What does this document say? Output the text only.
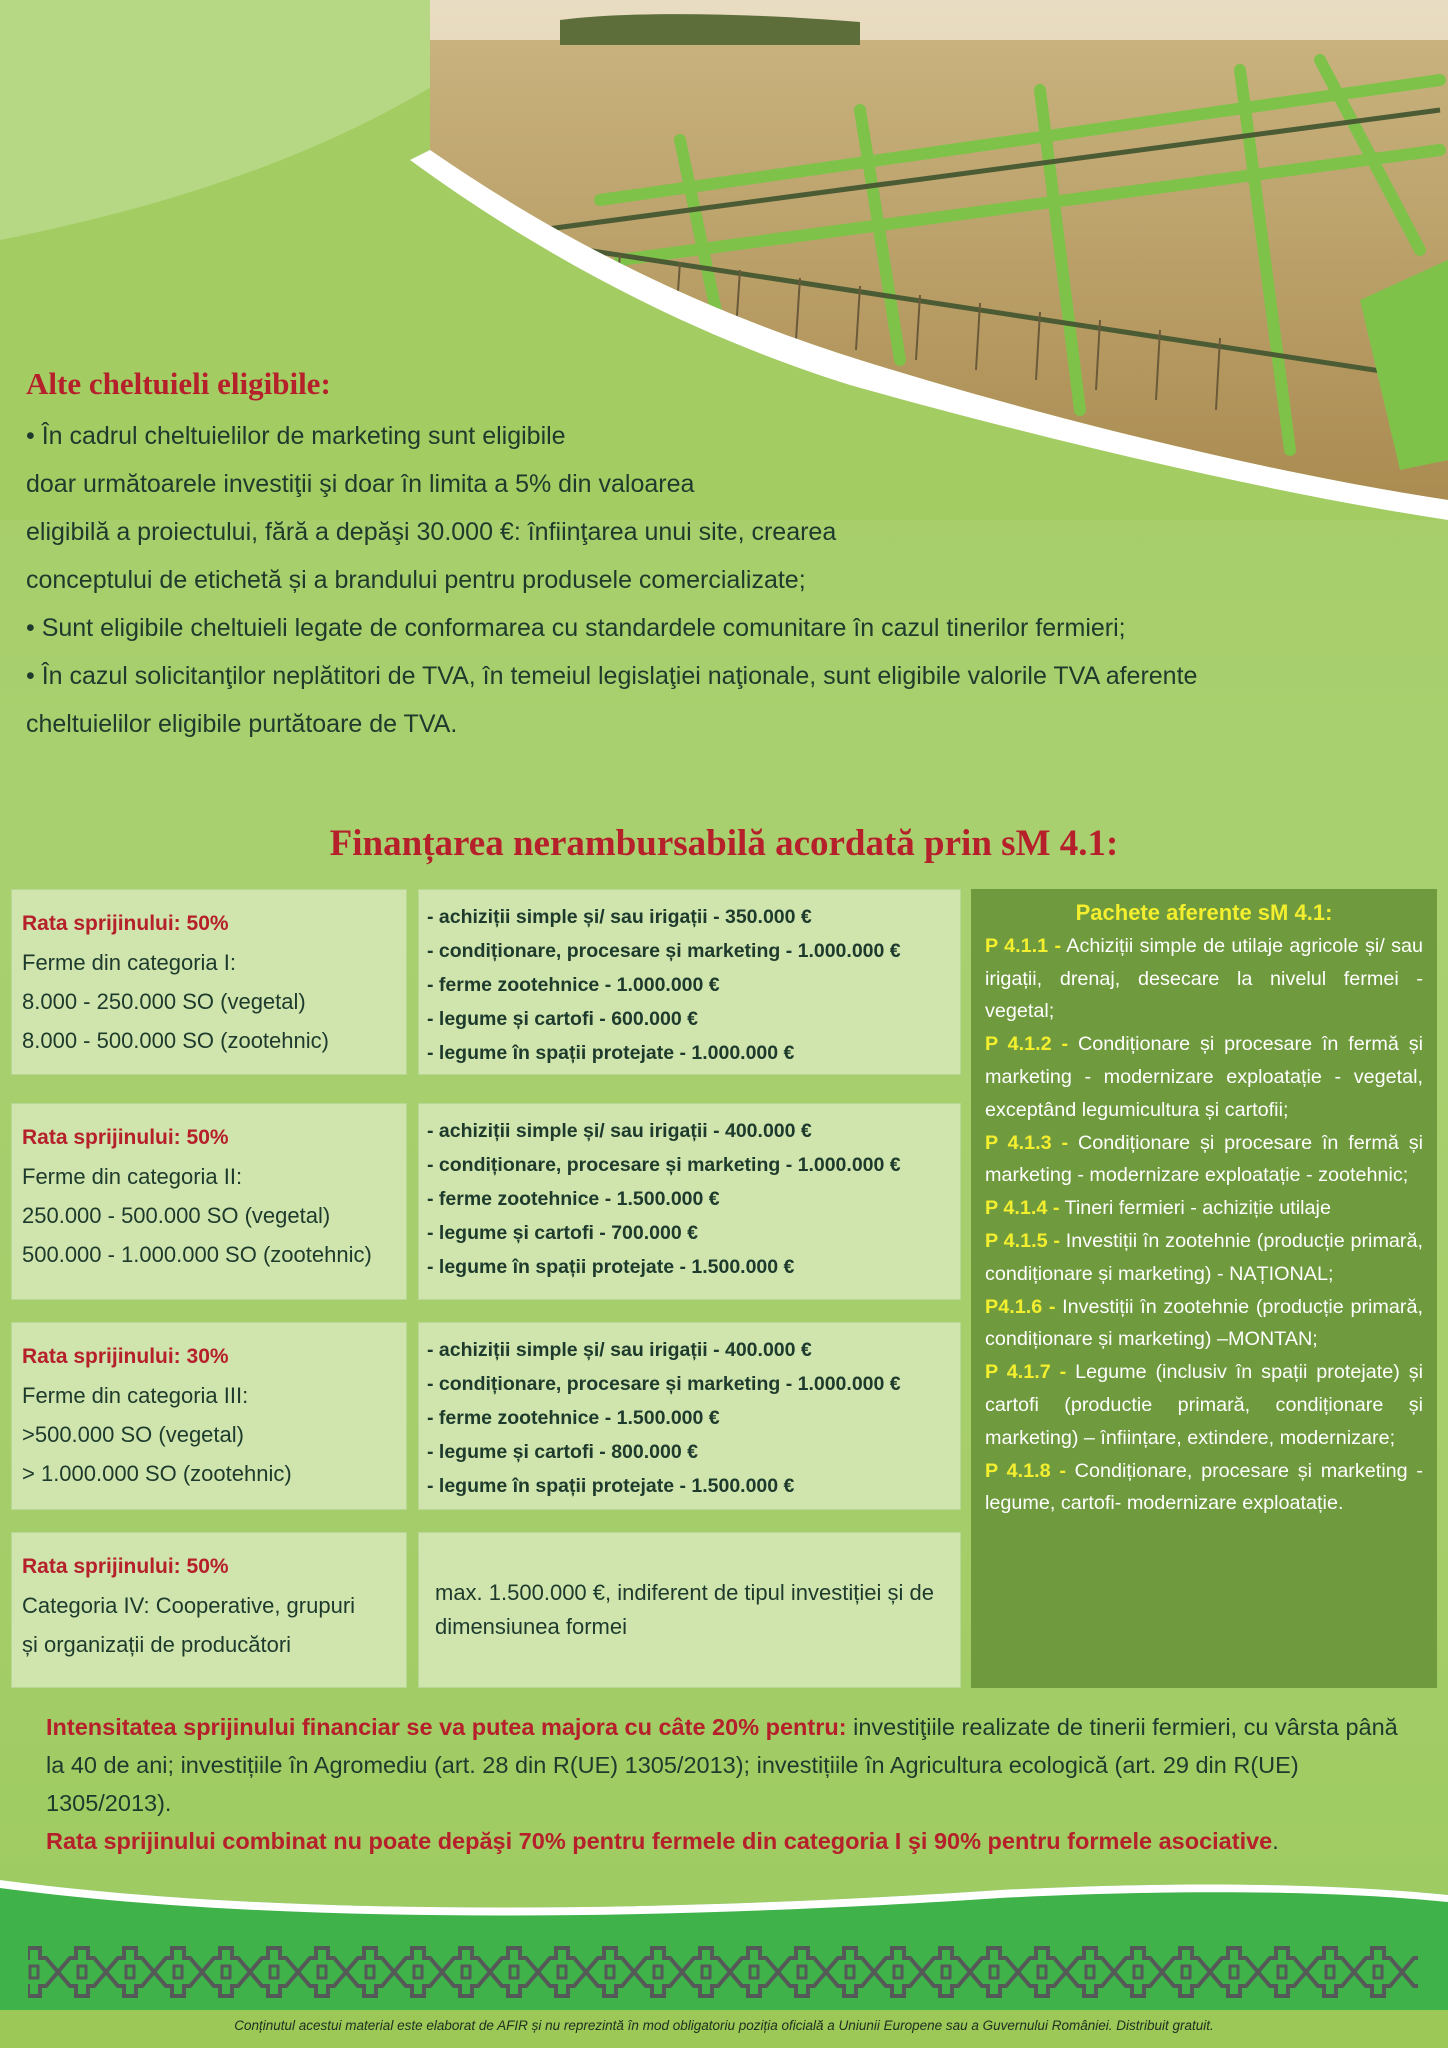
Alte cheltuieli eligibile:

• În cadrul cheltuielilor de marketing sunt eligibile

doar următoarele investiţii şi doar în limita a 5% din valoarea

eligibilă a proiectului, fără a depăşi 30.000 €: înfiinţarea unui site, crearea

conceptului de etichetă și a brandului pentru produsele comercializate;

• Sunt eligibile cheltuieli legate de conformarea cu standardele comunitare în cazul tinerilor fermieri;

• În cazul solicitanţilor neplătitori de TVA, în temeiul legislaţiei naţionale, sunt eligibile valorile TVA aferente

cheltuielilor eligibile purtătoare de TVA.

Finanțarea nerambursabilă acordată prin sM 4.1:
Rata sprijinului: 50%
Ferme din categoria I:
8.000 - 250.000 SO (vegetal)
8.000 - 500.000 SO (zootehnic)
- achiziții simple și/ sau irigații - 350.000 €
- condiționare, procesare și marketing - 1.000.000 €
- ferme zootehnice - 1.000.000 €
- legume și cartofi - 600.000 €
- legume în spații protejate - 1.000.000 €
Rata sprijinului: 50%
Ferme din categoria II:
250.000 - 500.000 SO (vegetal)
500.000 - 1.000.000 SO (zootehnic)
- achiziții simple și/ sau irigații - 400.000 €
- condiționare, procesare și marketing - 1.000.000 €
- ferme zootehnice - 1.500.000 €
- legume și cartofi - 700.000 €
- legume în spații protejate - 1.500.000 €
Rata sprijinului: 30%
Ferme din categoria III:
>500.000 SO (vegetal)
> 1.000.000 SO (zootehnic)
- achiziții simple și/ sau irigații - 400.000 €
- condiționare, procesare și marketing - 1.000.000 €
- ferme zootehnice - 1.500.000 €
- legume și cartofi - 800.000 €
- legume în spații protejate - 1.500.000 €
Rata sprijinului: 50%
Categoria IV: Cooperative, grupuri
și organizații de producători
max. 1.500.000 €, indiferent de tipul investiției și de dimensiunea formei
Pachete aferente sM 4.1:

P 4.1.1 - Achiziții simple de utilaje agricole și/ sau irigații, drenaj, desecare la nivelul fermei - vegetal;

P 4.1.2 - Condiționare și procesare în fermă și marketing - modernizare exploatație - vegetal, exceptând legumicultura și cartofii;

P 4.1.3 - Condiționare și procesare în fermă și marketing - modernizare exploatație - zootehnic;

P 4.1.4 - Tineri fermieri - achiziție utilaje

P 4.1.5 - Investiții în zootehnie (producție primară, condiționare și marketing) - NAȚIONAL;

P4.1.6 - Investiții în zootehnie (producție primară, condiționare și marketing) –MONTAN;

P 4.1.7 - Legume (inclusiv în spații protejate) și cartofi (productie primară, condiționare și marketing) – înființare, extindere, modernizare;

P 4.1.8 - Condiționare, procesare și marketing - legume, cartofi- modernizare exploatație.

Intensitatea sprijinului financiar se va putea majora cu câte 20% pentru: investiţiile realizate de tinerii fermieri, cu vârsta până la 40 de ani; investițiile în Agromediu (art. 28 din R(UE) 1305/2013); investițiile în Agricultura ecologică (art. 29 din R(UE) 1305/2013).

Rata sprijinului combinat nu poate depăşi 70% pentru fermele din categoria I şi 90% pentru formele asociative.

Conținutul acestui material este elaborat de AFIR și nu reprezintă în mod obligatoriu poziția oficială a Uniunii Europene sau a Guvernului României. Distribuit gratuit.
